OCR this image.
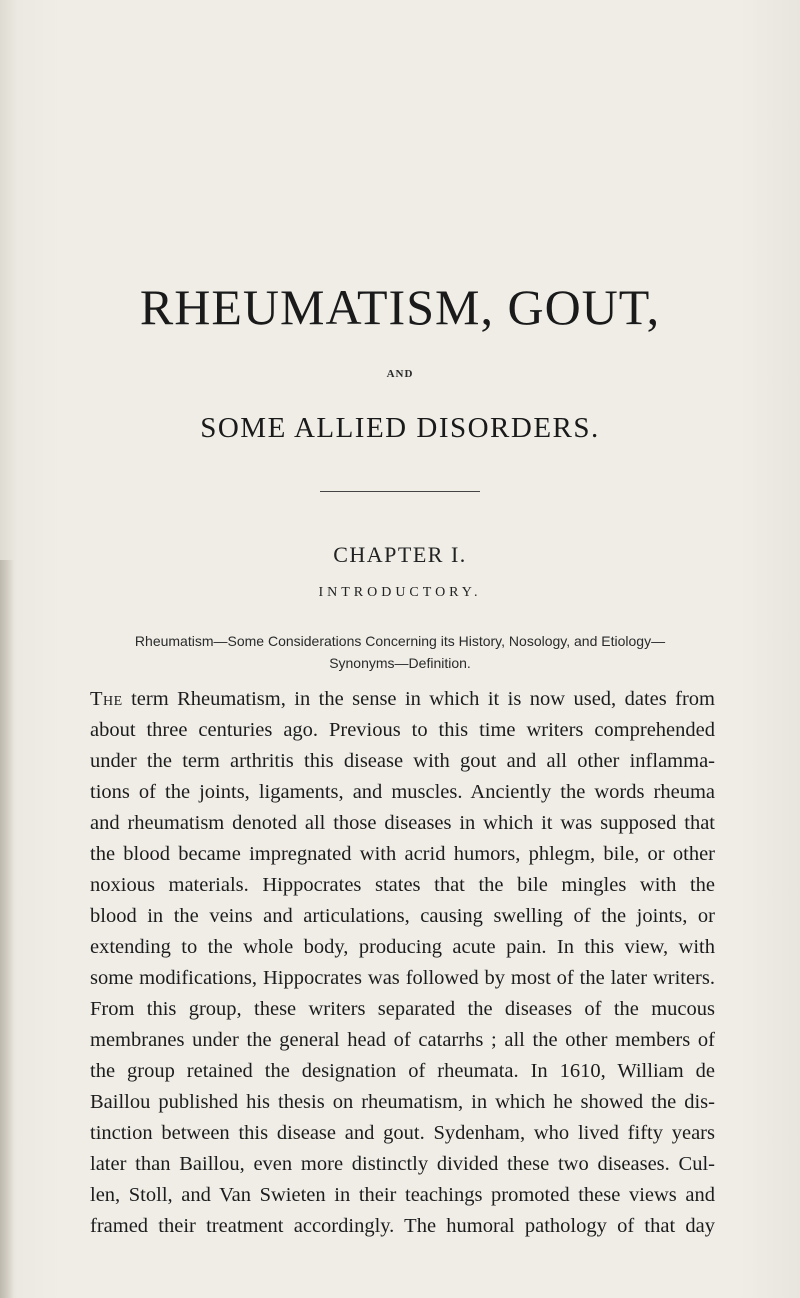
RHEUMATISM, GOUT,
AND
SOME ALLIED DISORDERS.
CHAPTER I.
INTRODUCTORY.
Rheumatism—Some Considerations Concerning its History, Nosology, and Etiology—
Synonyms—Definition.
The term Rheumatism, in the sense in which it is now used, dates from
about three centuries ago. Previous to this time writers comprehended
under the term arthritis this disease with gout and all other inflamma-
tions of the joints, ligaments, and muscles. Anciently the words rheuma
and rheumatism denoted all those diseases in which it was supposed that
the blood became impregnated with acrid humors, phlegm, bile, or other
noxious materials. Hippocrates states that the bile mingles with the
blood in the veins and articulations, causing swelling of the joints, or
extending to the whole body, producing acute pain. In this view, with
some modifications, Hippocrates was followed by most of the later writers.
From this group, these writers separated the diseases of the mucous
membranes under the general head of catarrhs ; all the other members of
the group retained the designation of rheumata. In 1610, William de
Baillou published his thesis on rheumatism, in which he showed the dis-
tinction between this disease and gout. Sydenham, who lived fifty years
later than Baillou, even more distinctly divided these two diseases. Cul-
len, Stoll, and Van Swieten in their teachings promoted these views and
framed their treatment accordingly. The humoral pathology of that day
